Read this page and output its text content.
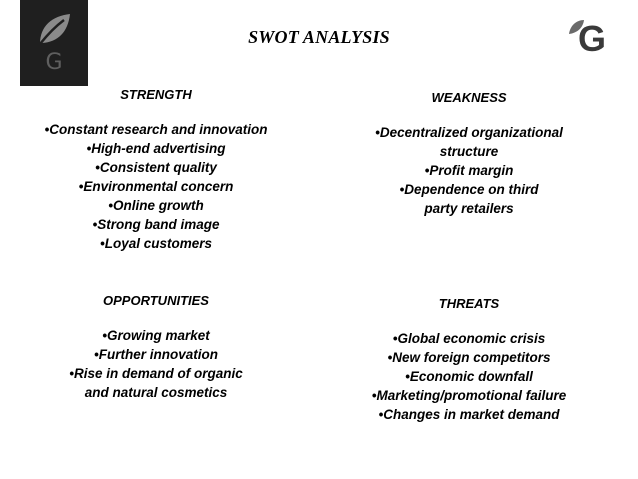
G
SWOT ANALYSIS	G
STRENGTH
•Constant research and innovation
•High-end advertising
•Consistent quality
•Environmental concern
•Online growth
•Strong band image
•Loyal customers
WEAKNESS
•Decentralized organizational
structure
•Profit margin
•Dependence on third
party retailers
OPPORTUNITIES
•Growing market
•Further innovation
•Rise in demand of organic
and natural cosmetics
THREATS
•Global economic crisis
•New foreign competitors
•Economic downfall
•Marketing/promotional failure
•Changes in market demand
